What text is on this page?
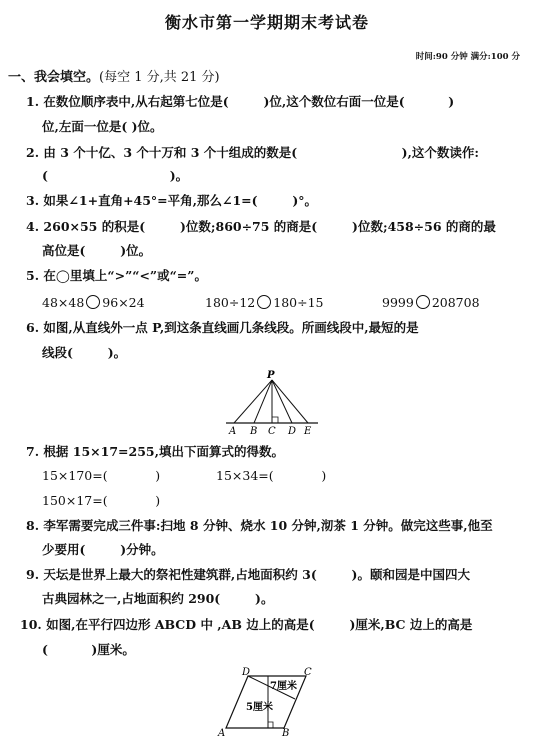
衡水市第一学期期末考试卷
时间:90 分钟 满分:100 分
一、我会填空。(每空 1 分,共 21 分)
1. 在数位顺序表中,从右起第七位是(        )位,这个数位右面一位是(          )
位,左面一位是( )位。
2. 由 3 个十亿、3 个十万和 3 个十组成的数是(                        ),这个数读作:
(                            )。
3. 如果∠1+直角+45°=平角,那么∠1=(        )°。
4. 260×55 的积是(        )位数;860÷75 的商是(        )位数;458÷56 的商的最
高位是(        )位。
5. 在◯里填上“>”“<”或“=”。
48×48 96×24	180÷12 180÷15	9999 208708
6. 如图,从直线外一点 P,到这条直线画几条线段。所画线段中,最短的是
线段(        )。
P
A B C D E
7. 根据 15×17=255,填出下面算式的得数。
15×170=(            )	15×34=(            )
150×17=(            )
8. 李军需要完成三件事:扫地 8 分钟、烧水 10 分钟,沏茶 1 分钟。做完这些事,他至
少要用(        )分钟。
9. 天坛是世界上最大的祭祀性建筑群,占地面积约 3(        )。颐和园是中国四大
古典园林之一,占地面积约 290(        )。
10. 如图,在平行四边形 ABCD 中 ,AB 边上的高是(        )厘米,BC 边上的高是
(          )厘米。
D	C
A	B
7厘米
5厘米
